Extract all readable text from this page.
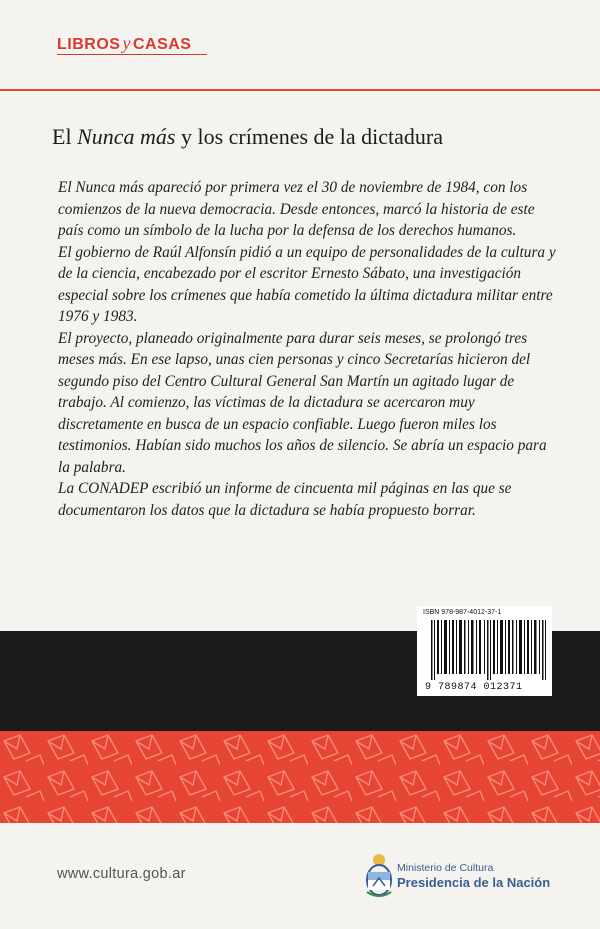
LIBROS y CASAS
El Nunca más y los crímenes de la dictadura

El Nunca más apareció por primera vez el 30 de noviembre de 1984, con los comienzos de la nueva democracia. Desde entonces, marcó la historia de este país como un símbolo de la lucha por la defensa de los derechos humanos.

El gobierno de Raúl Alfonsín pidió a un equipo de personalidades de la cultura y de la ciencia, encabezado por el escritor Ernesto Sábato, una investigación especial sobre los crímenes que había cometido la última dictadura militar entre 1976 y 1983.

El proyecto, planeado originalmente para durar seis meses, se prolongó tres meses más. En ese lapso, unas cien personas y cinco Secretarías hicieron del segundo piso del Centro Cultural General San Martín un agitado lugar de trabajo. Al comienzo, las víctimas de la dictadura se acercaron muy discretamente en busca de un espacio confiable. Luego fueron miles los testimonios. Habían sido muchos los años de silencio. Se abría un espacio para la palabra.

La CONADEP escribió un informe de cincuenta mil páginas en las que se documentaron los datos que la dictadura se había propuesto borrar.

ISBN 978-987-4012-37-1
9 789874 012371
www.cultura.gob.ar	Ministerio de Cultura
Presidencia de la Nación
